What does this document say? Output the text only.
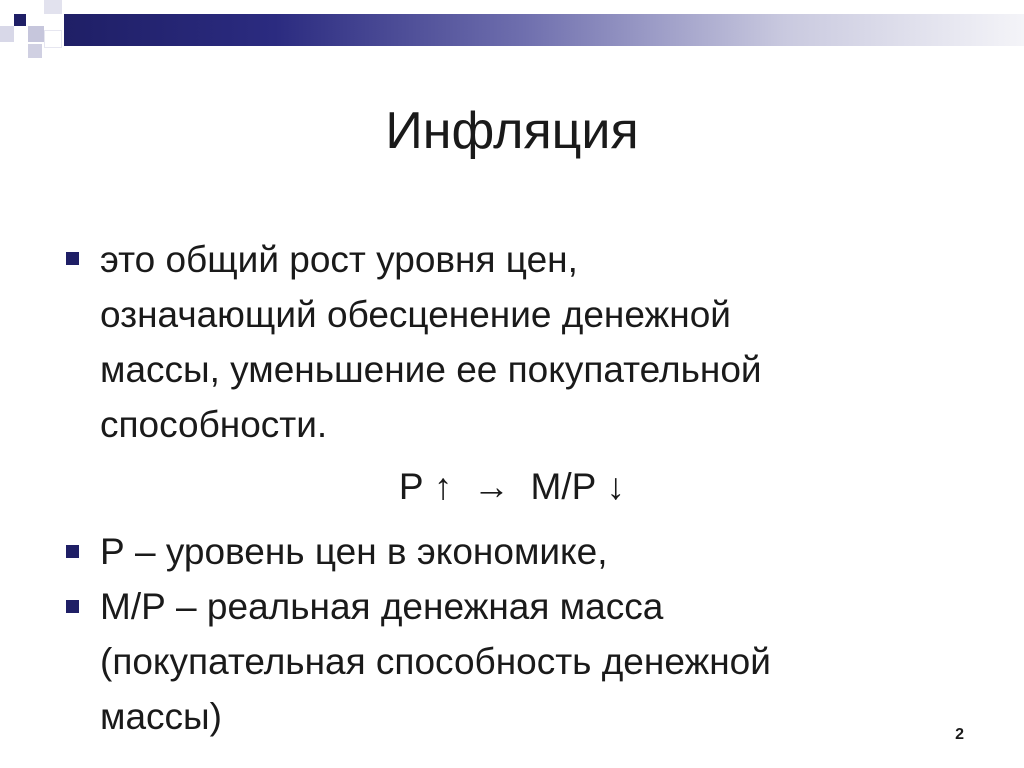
Инфляция

это общий рост уровня цен,
означающий обесценение денежной
массы, уменьшение ее покупательной
способности.

Р ↑  →  М/Р ↓

Р – уровень цен в экономике,

М/Р – реальная денежная масса
(покупательная способность денежной
массы)	2
